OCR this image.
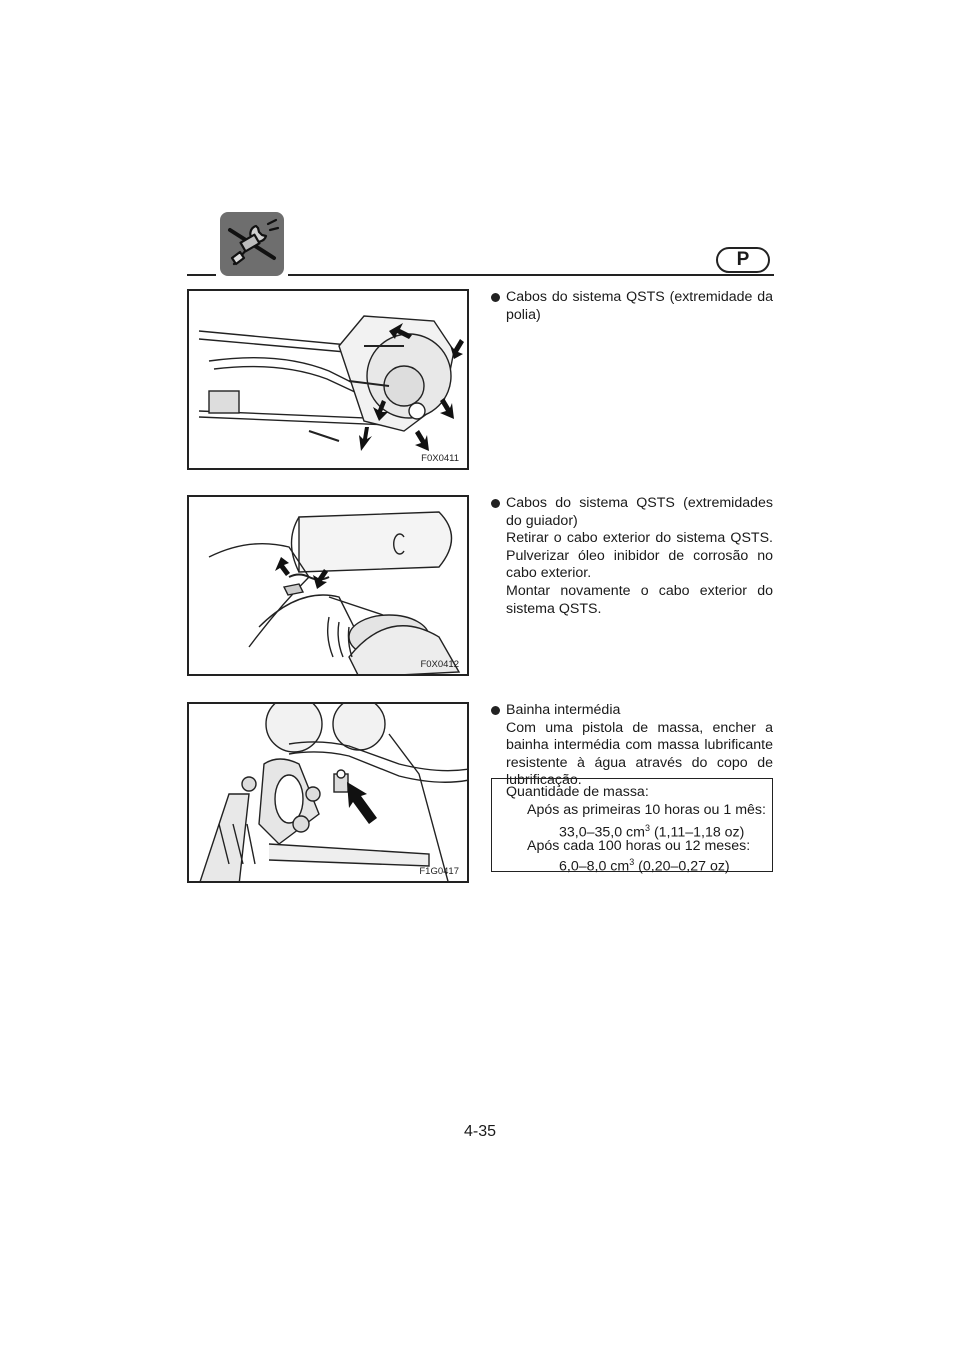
P
F0X0411
F0X0412
F1G0417

Cabos do sistema QSTS (extremidade da polia)

Cabos do sistema QSTS (extremidades do guiador)

Retirar o cabo exterior do sistema QSTS. Pulverizar óleo inibidor de corrosão no cabo exterior.

Montar novamente o cabo exterior do sistema QSTS.

Bainha intermédia

Com uma pistola de massa, encher a bainha intermédia com massa lubrificante resistente à água através do copo de lubrificação.

Quantidade de massa:
Após as primeiras 10 horas ou 1 mês:
33,0–35,0 $cm^3$ (1,11–1,18 oz)
Após cada 100 horas ou 12 meses:
6,0–8,0 $cm^3$ (0,20–0,27 oz)
4-35
